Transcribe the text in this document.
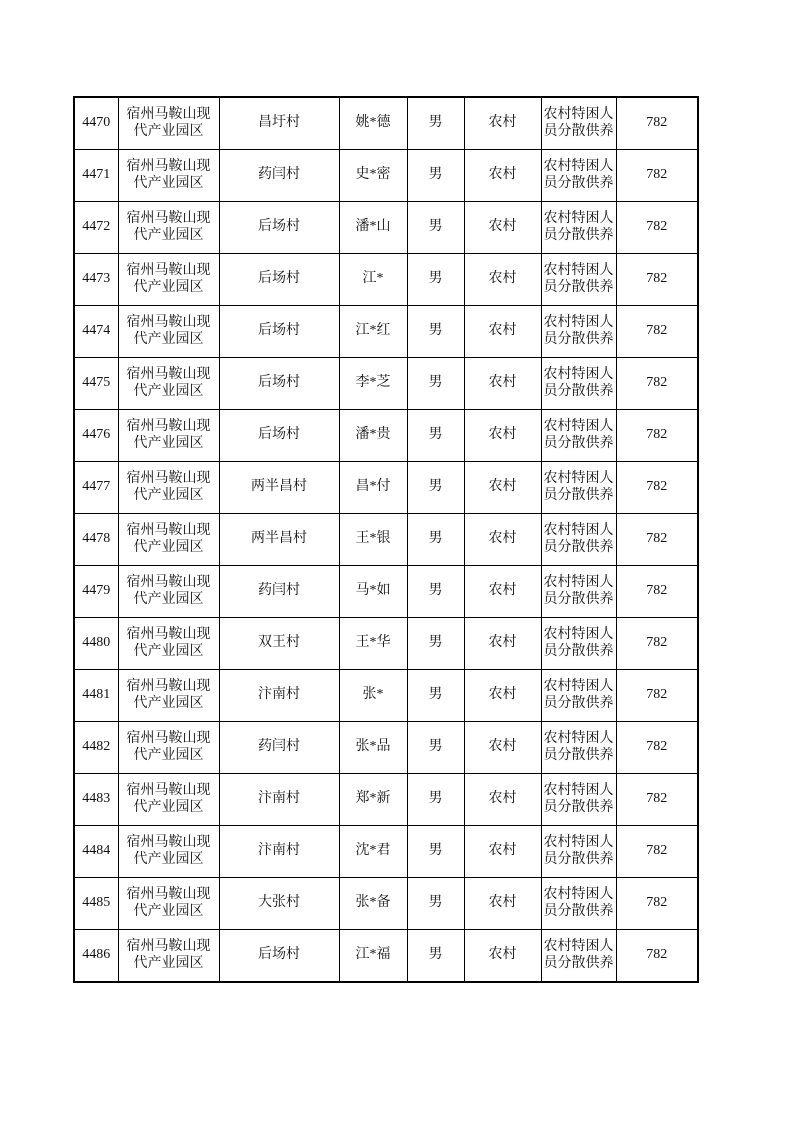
4470	宿州马鞍山现代产业园区	昌圩村	姚*德	男	农村	农村特困人员分散供养	782
4471	宿州马鞍山现代产业园区	药闫村	史*密	男	农村	农村特困人员分散供养	782
4472	宿州马鞍山现代产业园区	后场村	潘*山	男	农村	农村特困人员分散供养	782
4473	宿州马鞍山现代产业园区	后场村	江*	男	农村	农村特困人员分散供养	782
4474	宿州马鞍山现代产业园区	后场村	江*红	男	农村	农村特困人员分散供养	782
4475	宿州马鞍山现代产业园区	后场村	李*芝	男	农村	农村特困人员分散供养	782
4476	宿州马鞍山现代产业园区	后场村	潘*贵	男	农村	农村特困人员分散供养	782
4477	宿州马鞍山现代产业园区	两半昌村	昌*付	男	农村	农村特困人员分散供养	782
4478	宿州马鞍山现代产业园区	两半昌村	王*银	男	农村	农村特困人员分散供养	782
4479	宿州马鞍山现代产业园区	药闫村	马*如	男	农村	农村特困人员分散供养	782
4480	宿州马鞍山现代产业园区	双王村	王*华	男	农村	农村特困人员分散供养	782
4481	宿州马鞍山现代产业园区	汴南村	张*	男	农村	农村特困人员分散供养	782
4482	宿州马鞍山现代产业园区	药闫村	张*品	男	农村	农村特困人员分散供养	782
4483	宿州马鞍山现代产业园区	汴南村	郑*新	男	农村	农村特困人员分散供养	782
4484	宿州马鞍山现代产业园区	汴南村	沈*君	男	农村	农村特困人员分散供养	782
4485	宿州马鞍山现代产业园区	大张村	张*备	男	农村	农村特困人员分散供养	782
4486	宿州马鞍山现代产业园区	后场村	江*福	男	农村	农村特困人员分散供养	782
